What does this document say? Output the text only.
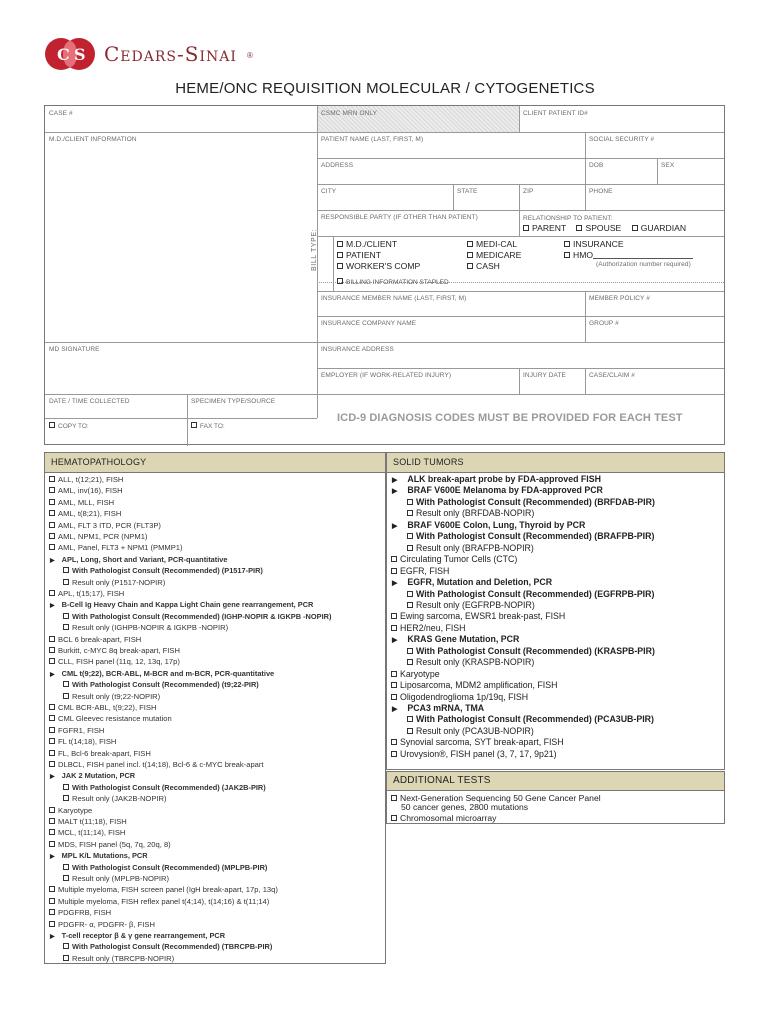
C S Cedars-Sinai ®
HEME/ONC REQUISITION MOLECULAR / CYTOGENETICS
CASE #	CSMC MRN ONLY	CLIENT PATIENT ID#
M.D./CLIENT INFORMATION	PATIENT NAME (LAST, FIRST, M)	SOCIAL SECURITY #
ADDRESS	DOB	SEX
CITY	STATE	ZIP	PHONE
RESPONSIBLE PARTY (IF OTHER THAN PATIENT)	RELATIONSHIP TO PATIENT:
PARENT SPOUSE GUARDIAN
BILL TYPE:	M.D./CLIENT
PATIENT
WORKER'S COMP
MEDI-CAL
MEDICARE
CASH
INSURANCE
HMO
(Authorization number required)
BILLING INFORMATION STAPLED
INSURANCE MEMBER NAME (LAST, FIRST, M)	MEMBER POLICY #
INSURANCE COMPANY NAME	GROUP #
MD SIGNATURE	INSURANCE ADDRESS
EMPLOYER (IF WORK-RELATED INJURY)	INJURY DATE	CASE/CLAIM #
DATE / TIME COLLECTED	SPECIMEN TYPE/SOURCE
COPY TO:	FAX TO:
ICD-9 DIAGNOSIS CODES MUST BE PROVIDED FOR EACH TEST
HEMATOPATHOLOGY
ALL, t(12;21), FISH
AML, inv(16), FISH
AML, MLL, FISH
AML, t(8;21), FISH
AML, FLT 3 ITD, PCR (FLT3P)
AML, NPM1, PCR (NPM1)
AML, Panel, FLT3 + NPM1 (PMMP1)
▶ APL, Long, Short and Variant, PCR-quantitative
With Pathologist Consult (Recommended) (P1517-PIR)
Result only (P1517-NOPIR)
APL, t(15;17), FISH
▶ B-Cell Ig Heavy Chain and Kappa Light Chain gene rearrangement, PCR
With Pathologist Consult (Recommended) (IGHP-NOPIR & IGKPB -NOPIR)
Result only (IGHPB-NOPIR & IGKPB -NOPIR)
BCL 6 break-apart, FISH
Burkitt, c-MYC 8q break-apart, FISH
CLL, FISH panel (11q, 12, 13q, 17p)
▶ CML t(9;22), BCR-ABL, M-BCR and m-BCR, PCR-quantitative
With Pathologist Consult (Recommended) (t9;22-PIR)
Result only (t9;22-NOPIR)
CML BCR-ABL, t(9;22), FISH
CML Gleevec resistance mutation
FGFR1, FISH
FL t(14;18), FISH
FL, Bcl-6 break-apart, FISH
DLBCL, FISH panel incl. t(14;18), Bcl-6 & c-MYC break-apart
▶ JAK 2 Mutation, PCR
With Pathologist Consult (Recommended) (JAK2B-PIR)
Result only (JAK2B-NOPIR)
Karyotype
MALT t(11;18), FISH
MCL, t(11;14), FISH
MDS, FISH panel (5q, 7q, 20q, 8)
▶ MPL K/L Mutations, PCR
With Pathologist Consult (Recommended) (MPLPB-PIR)
Result only (MPLPB-NOPIR)
Multiple myeloma, FISH screen panel (IgH break-apart, 17p, 13q)
Multiple myeloma, FISH reflex panel t(4;14), t(14;16) & t(11;14)
PDGFRB, FISH
PDGFR- α, PDGFR- β, FISH
▶ T-cell receptor β & γ gene rearrangement, PCR
With Pathologist Consult (Recommended) (TBRCPB-PIR)
Result only (TBRCPB-NOPIR)
SOLID TUMORS
▶ ALK break-apart probe by FDA-approved FISH
▶ BRAF V600E Melanoma by FDA-approved PCR
With Pathologist Consult (Recommended) (BRFDAB-PIR)
Result only (BRFDAB-NOPIR)
▶ BRAF V600E Colon, Lung, Thyroid by PCR
With Pathologist Consult (Recommended) (BRAFPB-PIR)
Result only (BRAFPB-NOPIR)
Circulating Tumor Cells (CTC)
EGFR, FISH
▶ EGFR, Mutation and Deletion, PCR
With Pathologist Consult (Recommended) (EGFRPB-PIR)
Result only (EGFRPB-NOPIR)
Ewing sarcoma, EWSR1 break-past, FISH
HER2/neu, FISH
▶ KRAS Gene Mutation, PCR
With Pathologist Consult (Recommended) (KRASPB-PIR)
Result only (KRASPB-NOPIR)
Karyotype
Liposarcoma, MDM2 amplification, FISH
Oligodendroglioma 1p/19q, FISH
▶ PCA3 mRNA, TMA
With Pathologist Consult (Recommended) (PCA3UB-PIR)
Result only (PCA3UB-NOPIR)
Synovial sarcoma, SYT break-apart, FISH
Urovysion®, FISH panel (3, 7, 17, 9p21)
ADDITIONAL TESTS
Next-Generation Sequencing 50 Gene Cancer Panel
50 cancer genes, 2800 mutations
Chromosomal microarray
